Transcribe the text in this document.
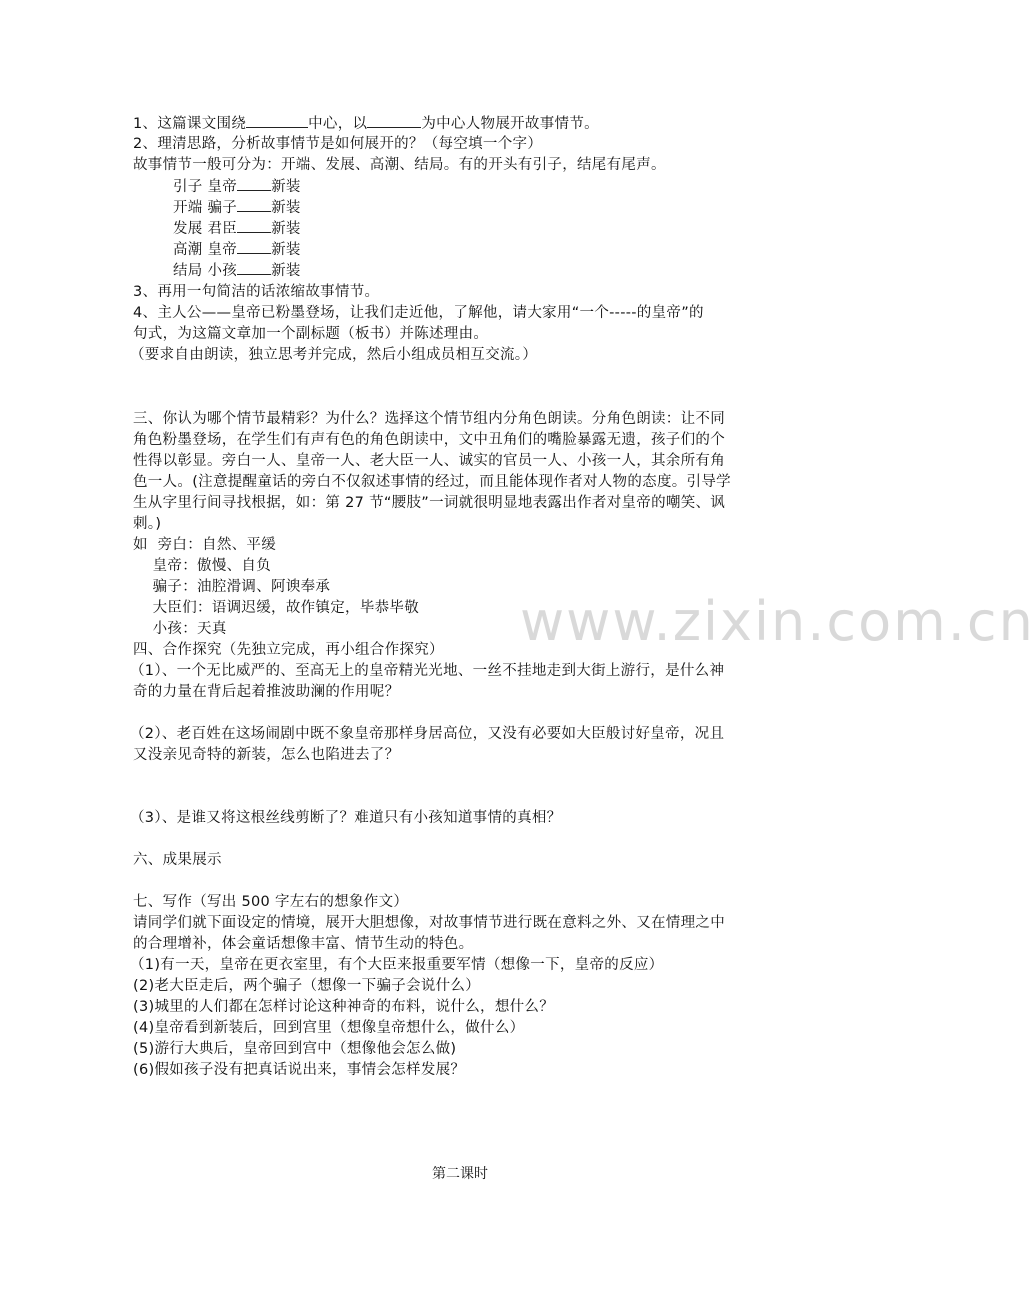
1、这篇课文围绕	中心，以	为中心人物展开故事情节。
2、理清思路，分析故事情节是如何展开的？（每空填一个字）
故事情节一般可分为：开端、发展、高潮、结局。有的开头有引子，结尾有尾声。
引子 皇帝 新装
开端 骗子 新装
发展 君臣 新装
高潮 皇帝 新装
结局 小孩 新装
3、再用一句简洁的话浓缩故事情节。
4、主人公——皇帝已粉墨登场，让我们走近他，了解他，请大家用“一个-----的皇帝”的
句式，为这篇文章加一个副标题（板书）并陈述理由。
（要求自由朗读，独立思考并完成，然后小组成员相互交流。）
三、你认为哪个情节最精彩？为什么？选择这个情节组内分角色朗读。分角色朗读：让不同
角色粉墨登场，在学生们有声有色的角色朗读中，文中丑角们的嘴脸暴露无遗，孩子们的个
性得以彰显。旁白一人、皇帝一人、老大臣一人、诚实的官员一人、小孩一人，其余所有角
色一人。(注意提醒童话的旁白不仅叙述事情的经过，而且能体现作者对人物的态度。引导学
生从字里行间寻找根据，如：第 27 节“腰肢”一词就很明显地表露出作者对皇帝的嘲笑、讽
刺。)
如  旁白：自然、平缓
皇帝：傲慢、自负
骗子：油腔滑调、阿谀奉承
大臣们：语调迟缓，故作镇定，毕恭毕敬
小孩：天真
四、合作探究（先独立完成，再小组合作探究）
（1）、一个无比威严的、至高无上的皇帝精光光地、一丝不挂地走到大街上游行，是什么神
奇的力量在背后起着推波助澜的作用呢？
（2）、老百姓在这场闹剧中既不象皇帝那样身居高位，又没有必要如大臣般讨好皇帝，况且
又没亲见奇特的新装，怎么也陷进去了？
（3）、是谁又将这根丝线剪断了？难道只有小孩知道事情的真相？
六、成果展示
七、写作（写出 500 字左右的想象作文）
请同学们就下面设定的情境，展开大胆想像，对故事情节进行既在意料之外、又在情理之中
的合理增补，体会童话想像丰富、情节生动的特色。
（1)有一天，皇帝在更衣室里，有个大臣来报重要军情（想像一下，皇帝的反应）
(2)老大臣走后，两个骗子（想像一下骗子会说什么）
(3)城里的人们都在怎样讨论这种神奇的布料，说什么，想什么？
(4)皇帝看到新装后，回到宫里（想像皇帝想什么，做什么）
(5)游行大典后，皇帝回到宫中（想像他会怎么做)
(6)假如孩子没有把真话说出来，事情会怎样发展？
www.zixin.com.cn
第二课时
